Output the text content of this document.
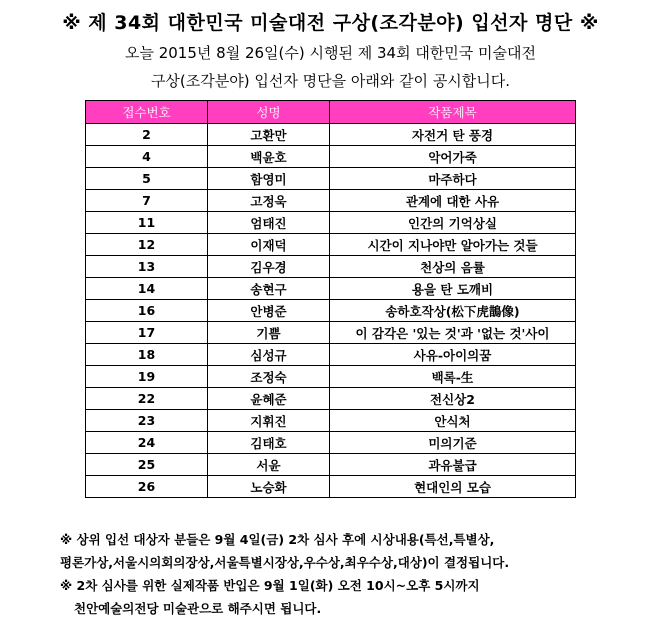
※ 제 34회 대한민국 미술대전 구상(조각분야) 입선자 명단 ※
오늘 2015년 8월 26일(수) 시행된 제 34회 대한민국 미술대전
구상(조각분야) 입선자 명단을 아래와 같이 공시합니다.
접수번호	성명	작품제목
2	고환만	자전거 탄 풍경
4	백윤호	악어가죽
5	함영미	마주하다
7	고정욱	관계에 대한 사유
11	엄태진	인간의 기억상실
12	이재덕	시간이 지나야만 알아가는 것들
13	김우경	천상의 음률
14	송현구	용을 탄 도깨비
16	안병준	송하호작상(松下虎鵲像)
17	기쁨	이 감각은 '있는 것'과 '없는 것'사이
18	심성규	사유-아이의꿈
19	조정숙	백록-生
22	윤혜준	전신상2
23	지휘진	안식처
24	김태호	미의기준
25	서윤	과유불급
26	노승화	현대인의 모습
※ 상위 입선 대상자 분들은 9월 4일(금) 2차 심사 후에 시상내용(특선,특별상,
평론가상,서울시의회의장상,서울특별시장상,우수상,최우수상,대상)이 결정됩니다.
※ 2차 심사를 위한 실제작품 반입은 9월 1일(화) 오전 10시~오후 5시까지
천안예술의전당 미술관으로 해주시면 됩니다.
